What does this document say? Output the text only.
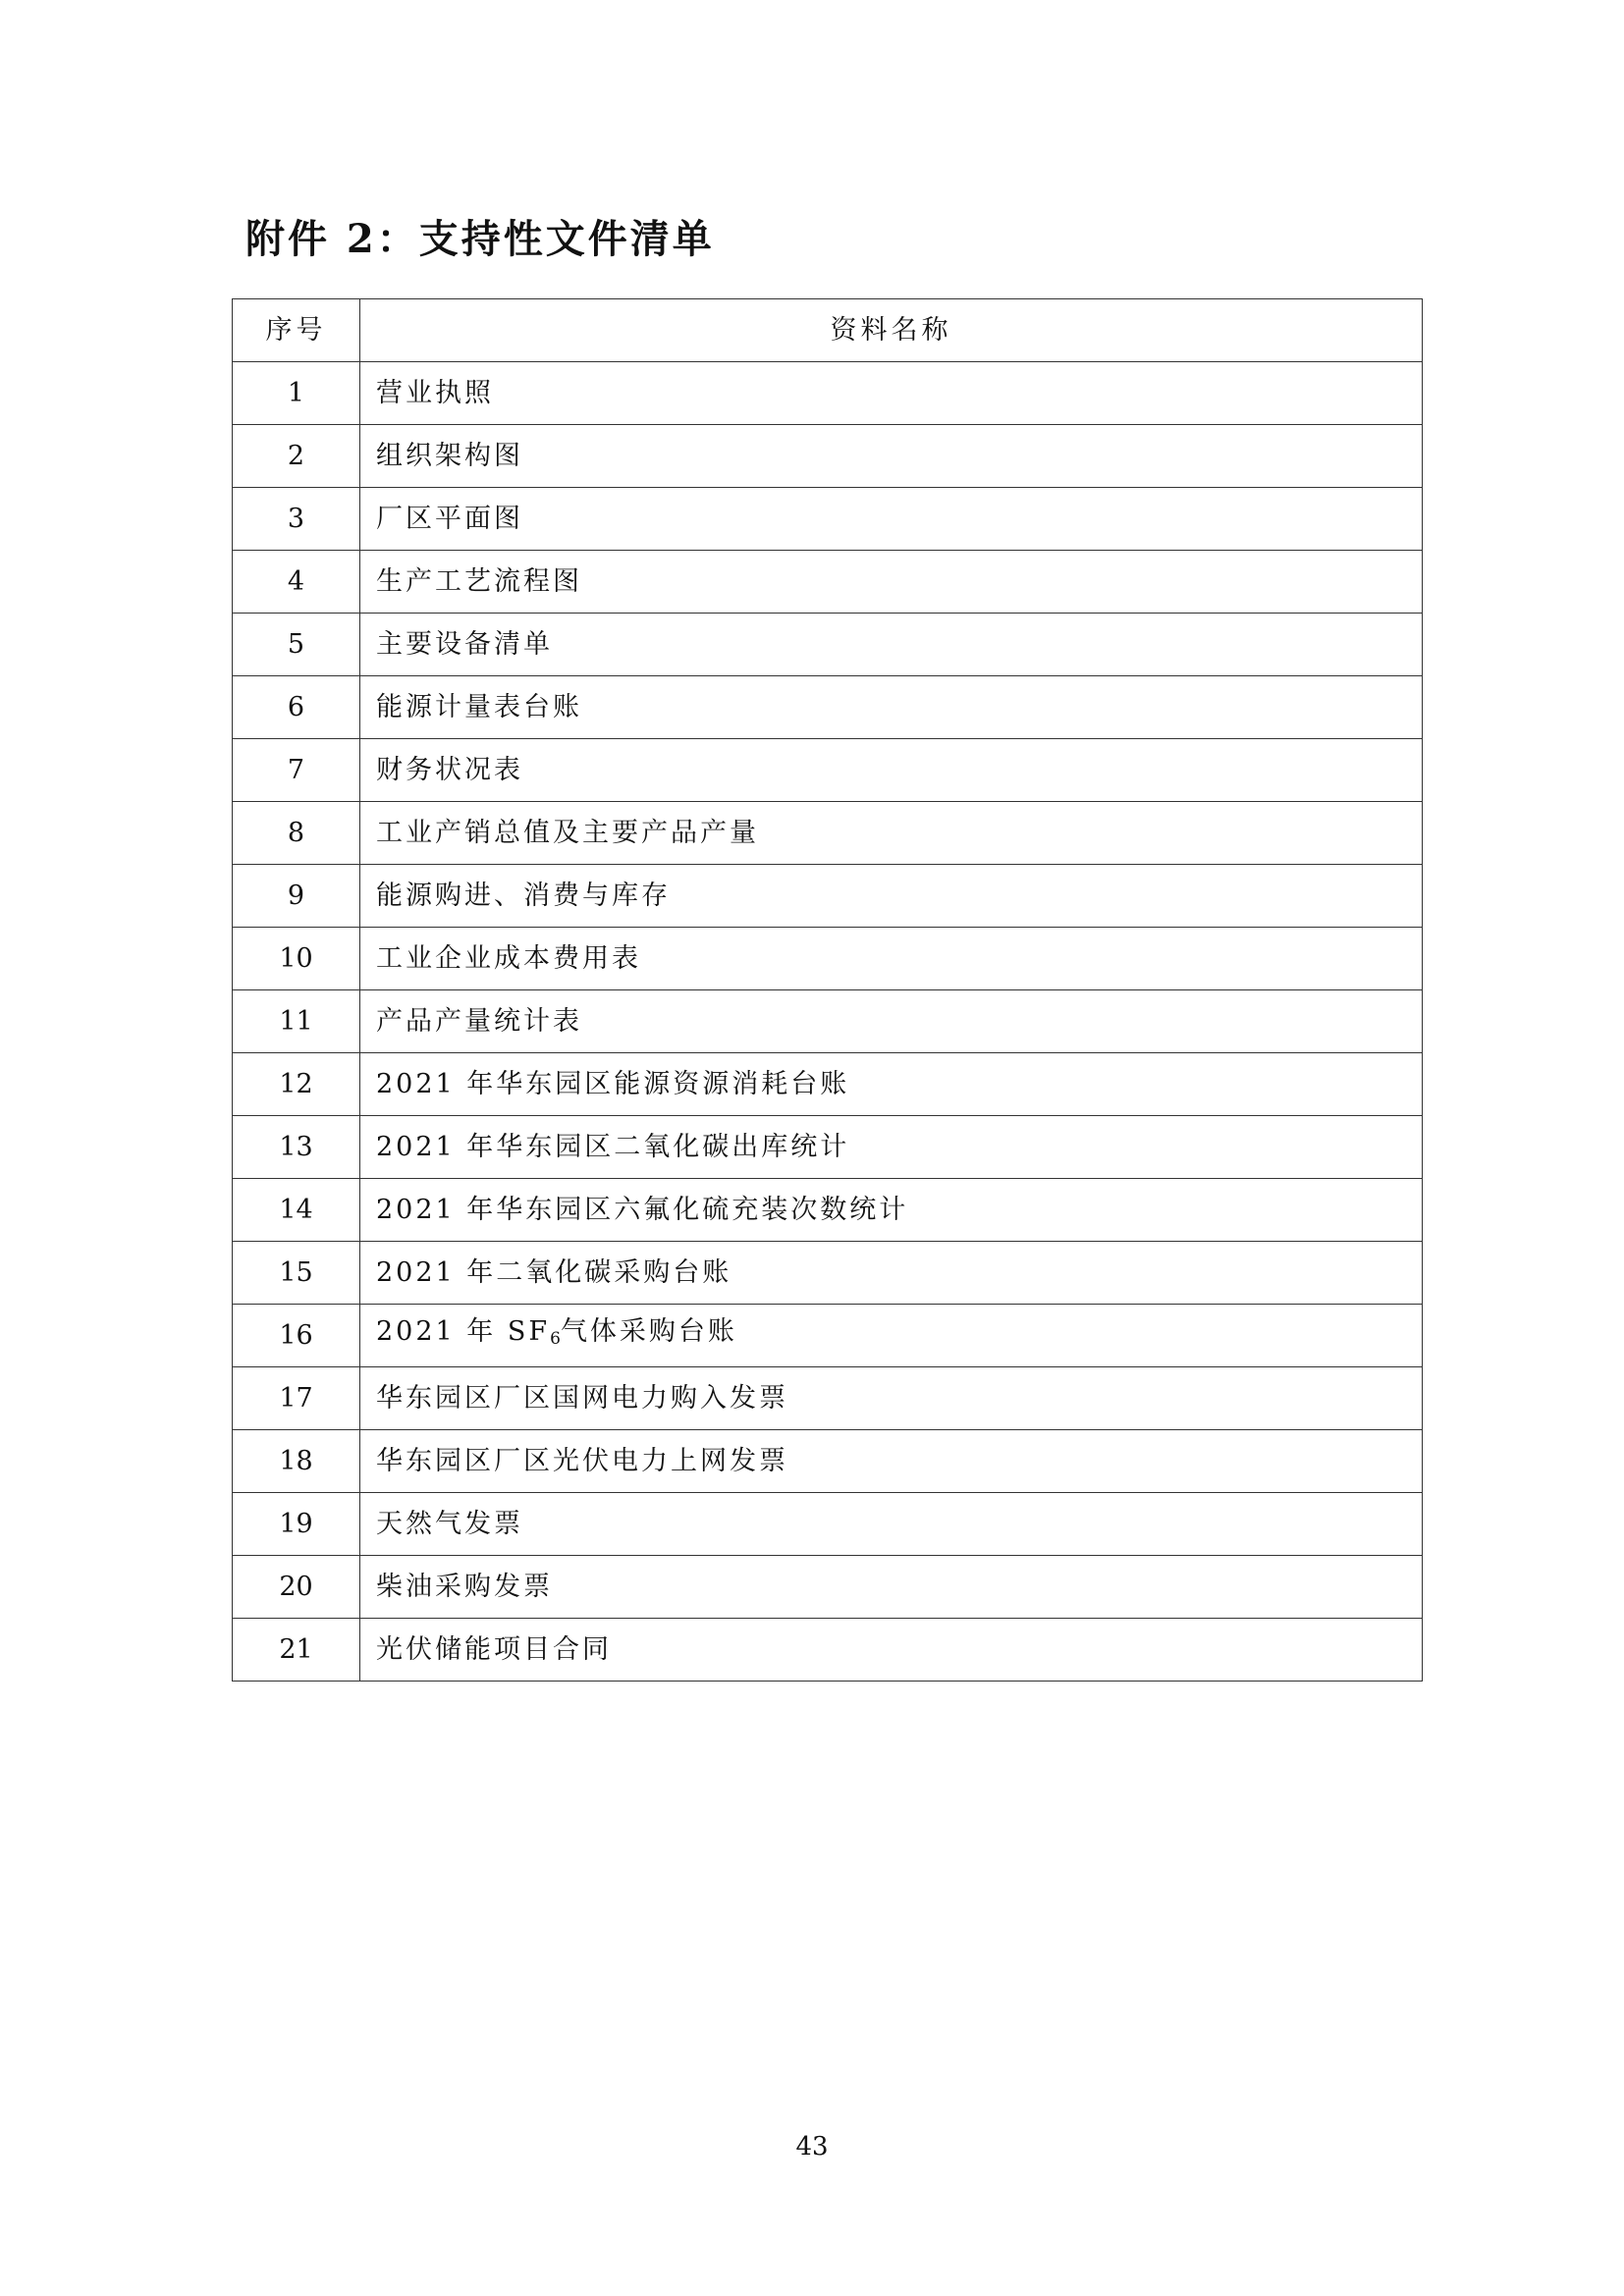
附件 2：支持性文件清单
序号	资料名称
1	营业执照
2	组织架构图
3	厂区平面图
4	生产工艺流程图
5	主要设备清单
6	能源计量表台账
7	财务状况表
8	工业产销总值及主要产品产量
9	能源购进、消费与库存
10	工业企业成本费用表
11	产品产量统计表
12	2021 年华东园区能源资源消耗台账
13	2021 年华东园区二氧化碳出库统计
14	2021 年华东园区六氟化硫充装次数统计
15	2021 年二氧化碳采购台账
16	2021 年 $SF_6$气体采购台账
17	华东园区厂区国网电力购入发票
18	华东园区厂区光伏电力上网发票
19	天然气发票
20	柴油采购发票
21	光伏储能项目合同
43
